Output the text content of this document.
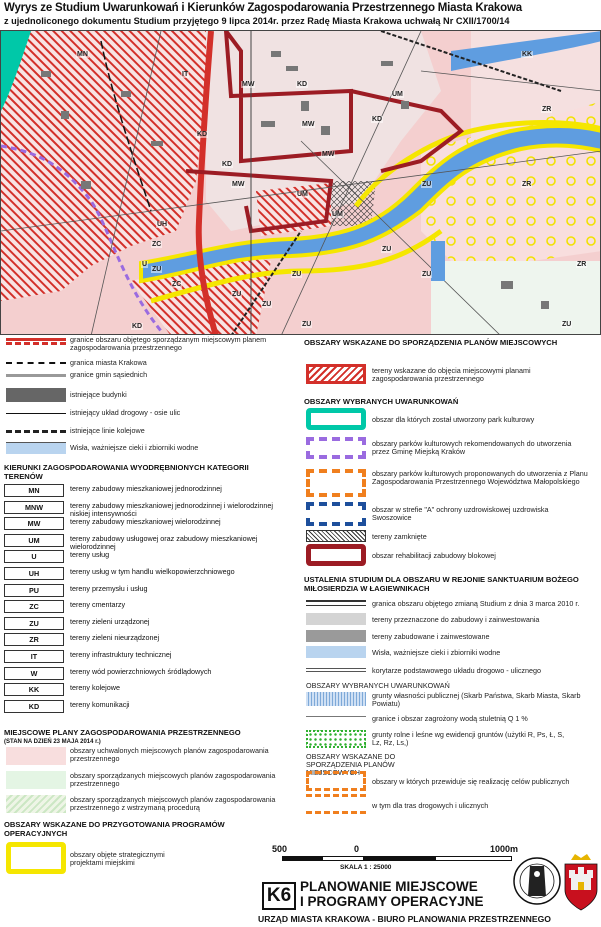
Wyrys ze Studium Uwarunkowań i Kierunków Zagospodarowania Przestrzennego Miasta Krakowa
z ujednoliconego dokumentu Studium przyjętego 9 lipca 2014r. przez Radę Miasta Krakowa uchwałą Nr CXII/1700/14
ZU
ZU
ZU
ZU
ZU
ZU
ZU
ZU
ZU
ZR
ZR
ZR
MW
MW
MW
MW
UM
UM
UM
KD
KD
KD
KD
KD
ZC
ZC
UH
U
MN
IT
KK
granice obszaru objętego sporządzanym miejscowym planem zagospodarowania przestrzennego
granica miasta Krakowa
granice gmin sąsiednich
istniejące budynki
istniejący układ drogowy - osie ulic
istniejące linie kolejowe
Wisła, ważniejsze cieki i zbiorniki wodne
KIERUNKI ZAGOSPODAROWANIA WYODRĘBNIONYCH KATEGORII TERENÓW
MN	tereny zabudowy mieszkaniowej jednorodzinnej
MNW	tereny zabudowy mieszkaniowej jednorodzinnej i wielorodzinnej niskiej intensywności
MW	tereny zabudowy mieszkaniowej wielorodzinnej
UM	tereny zabudowy usługowej oraz zabudowy mieszkaniowej wielorodzinnej
U	tereny usług
UH	tereny usług w tym handlu wielkopowierzchniowego
PU	tereny przemysłu i usług
ZC	tereny cmentarzy
ZU	tereny zieleni urządzonej
ZR	tereny zieleni nieurządzonej
IT	tereny infrastruktury technicznej
W	tereny wód powierzchniowych śródlądowych
KK	tereny kolejowe
KD	tereny komunikacji
MIEJSCOWE PLANY ZAGOSPODAROWANIA PRZESTRZENNEGO
(STAN NA DZIEŃ 23 MAJA 2014 r.)
obszary uchwalonych miejscowych planów zagospodarowania przestrzennego
obszary sporządzanych miejscowych planów zagospodarowania przestrzennego
obszary sporządzanych miejscowych planów zagospodarowania przestrzennego z wstrzymaną procedurą
OBSZARY WSKAZANE DO PRZYGOTOWANIA PROGRAMÓW OPERACYJNYCH
obszary objęte strategicznymi projektami miejskimi
OBSZARY WSKAZANE DO SPORZĄDZENIA PLANÓW MIEJSCOWYCH
tereny wskazane do objęcia miejscowymi planami zagospodarowania przestrzennego
OBSZARY WYBRANYCH UWARUNKOWAŃ
obszar dla których został utworzony park kulturowy
obszary parków kulturowych rekomendowanych do utworzenia przez Gminę Miejską Kraków
obszary parków kulturowych proponowanych do utworzenia z Planu Zagospodarowania Przestrzennego Województwa Małopolskiego
obszar w strefie "A" ochrony uzdrowiskowej uzdrowiska Swoszowice
tereny zamknięte
obszar rehabilitacji zabudowy blokowej
USTALENIA STUDIUM DLA OBSZARU W REJONIE SANKTUARIUM BOŻEGO MIŁOSIERDZIA W ŁAGIEWNIKACH
granica obszaru objętego zmianą Studium z dnia 3 marca 2010 r.
tereny przeznaczone do zabudowy i zainwestowania
tereny zabudowane i zainwestowane
Wisła, ważniejsze cieki i zbiorniki wodne
korytarze podstawowego układu drogowo - ulicznego
OBSZARY WYBRANYCH UWARUNKOWAŃ
grunty własności publicznej (Skarb Państwa, Skarb Miasta, Skarb Powiatu)
granice i obszar zagrożony wodą stuletnią Q 1 %
grunty rolne i leśne wg ewidencji gruntów (użytki R, Ps, Ł, S, Lz, Rz, Ls,)
OBSZARY WSKAZANE DO SPORZĄDZENIA PLANÓW MIEJSCOWYCH
obszary w których przewiduje się realizację celów publicznych
w tym dla tras drogowych i ulicznych
500	0	1000m
SKALA 1 : 25000
K6 PLANOWANIE MIEJSCOWE
I PROGRAMY OPERACYJNE
URZĄD MIASTA KRAKOWA - BIURO PLANOWANIA PRZESTRZENNEGO
